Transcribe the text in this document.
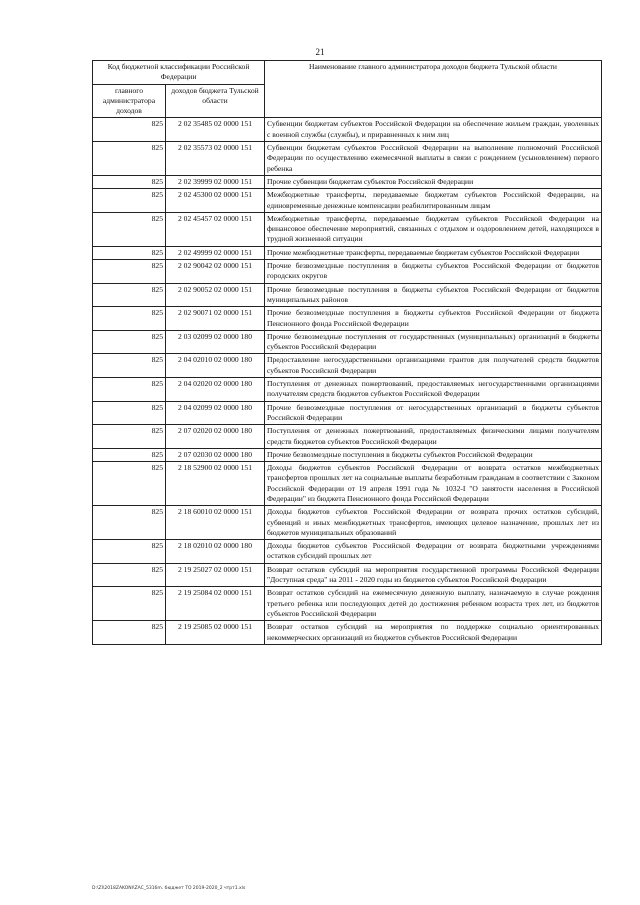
21
Код бюджетной классификации Российской Федерации		Наименование главного администратора доходов бюджета Тульской области
главного администратора доходов	доходов бюджета Тульской области	
825	2 02 35485 02 0000 151	Субвенции бюджетам субъектов Российской Федерации на обеспечение жильем граждан, уволенных с военной службы (службы), и приравненных к ним лиц
825	2 02 35573 02 0000 151	Субвенции бюджетам субъектов Российской Федерации на выполнение полномочий Российской Федерации по осуществлению ежемесячной выплаты в связи с рождением (усыновлением) первого ребенка
825	2 02 39999 02 0000 151	Прочие субвенции бюджетам субъектов Российской Федерации
825	2 02 45300 02 0000 151	Межбюджетные трансферты, передаваемые бюджетам субъектов Российской Федерации, на единовременные денежные компенсации реабилитированным лицам
825	2 02 45457 02 0000 151	Межбюджетные трансферты, передаваемые бюджетам субъектов Российской Федерации на финансовое обеспечение мероприятий, связанных с отдыхом и оздоровлением детей, находящихся в трудной жизненной ситуации
825	2 02 49999 02 0000 151	Прочие межбюджетные трансферты, передаваемые бюджетам субъектов Российской Федерации
825	2 02 90042 02 0000 151	Прочие безвозмездные поступления в бюджеты субъектов Российской Федерации от бюджетов городских округов
825	2 02 90052 02 0000 151	Прочие безвозмездные поступления в бюджеты субъектов Российской Федерации от бюджетов муниципальных районов
825	2 02 90071 02 0000 151	Прочие безвозмездные поступления в бюджеты субъектов Российской Федерации от бюджета Пенсионного фонда Российской Федерации
825	2 03 02099 02 0000 180	Прочие безвозмездные поступления от государственных (муниципальных) организаций в бюджеты субъектов Российской Федерации
825	2 04 02010 02 0000 180	Предоставление негосударственными организациями грантов для получателей средств бюджетов субъектов Российской Федерации
825	2 04 02020 02 0000 180	Поступления от денежных пожертвований, предоставляемых негосударственными организациями получателям средств бюджетов субъектов Российской Федерации
825	2 04 02099 02 0000 180	Прочие безвозмездные поступления от негосударственных организаций в бюджеты субъектов Российской Федерации
825	2 07 02020 02 0000 180	Поступления от денежных пожертвований, предоставляемых физическими лицами получателям средств бюджетов субъектов Российской Федерации
825	2 07 02030 02 0000 180	Прочие безвозмездные поступления в бюджеты субъектов Российской Федерации
825	2 18 52900 02 0000 151	Доходы бюджетов субъектов Российской Федерации от возврата остатков межбюджетных трансфертов прошлых лет на социальные выплаты безработным гражданам в соответствии с Законом Российской Федерации от 19 апреля 1991 года № 1032-I "О занятости населения в Российской Федерации" из бюджета Пенсионного фонда Российской Федерации
825	2 18 60010 02 0000 151	Доходы бюджетов субъектов Российской Федерации от возврата прочих остатков субсидий, субвенций и иных межбюджетных трансфертов, имеющих целевое назначение, прошлых лет из бюджетов муниципальных образований
825	2 18 02010 02 0000 180	Доходы бюджетов субъектов Российской Федерации от возврата бюджетными учреждениями остатков субсидий прошлых лет
825	2 19 25027 02 0000 151	Возврат остатков субсидий на мероприятия государственной программы Российской Федерации "Доступная среда" на 2011 - 2020 годы из бюджетов субъектов Российской Федерации
825	2 19 25084 02 0000 151	Возврат остатков субсидий на ежемесячную денежную выплату, назначаемую в случае рождения третьего ребенка или последующих детей до достижения ребенком возраста трех лет, из бюджетов субъектов Российской Федерации
825	2 19 25085 02 0000 151	Возврат остатков субсидий на мероприятия по поддержке социально ориентированных некоммерческих организаций из бюджетов субъектов Российской Федерации
D:\ZI\2018ZAKONI\ZAC_5316m. бюджет ТО 2019-2020_2 чтрт1.xls
